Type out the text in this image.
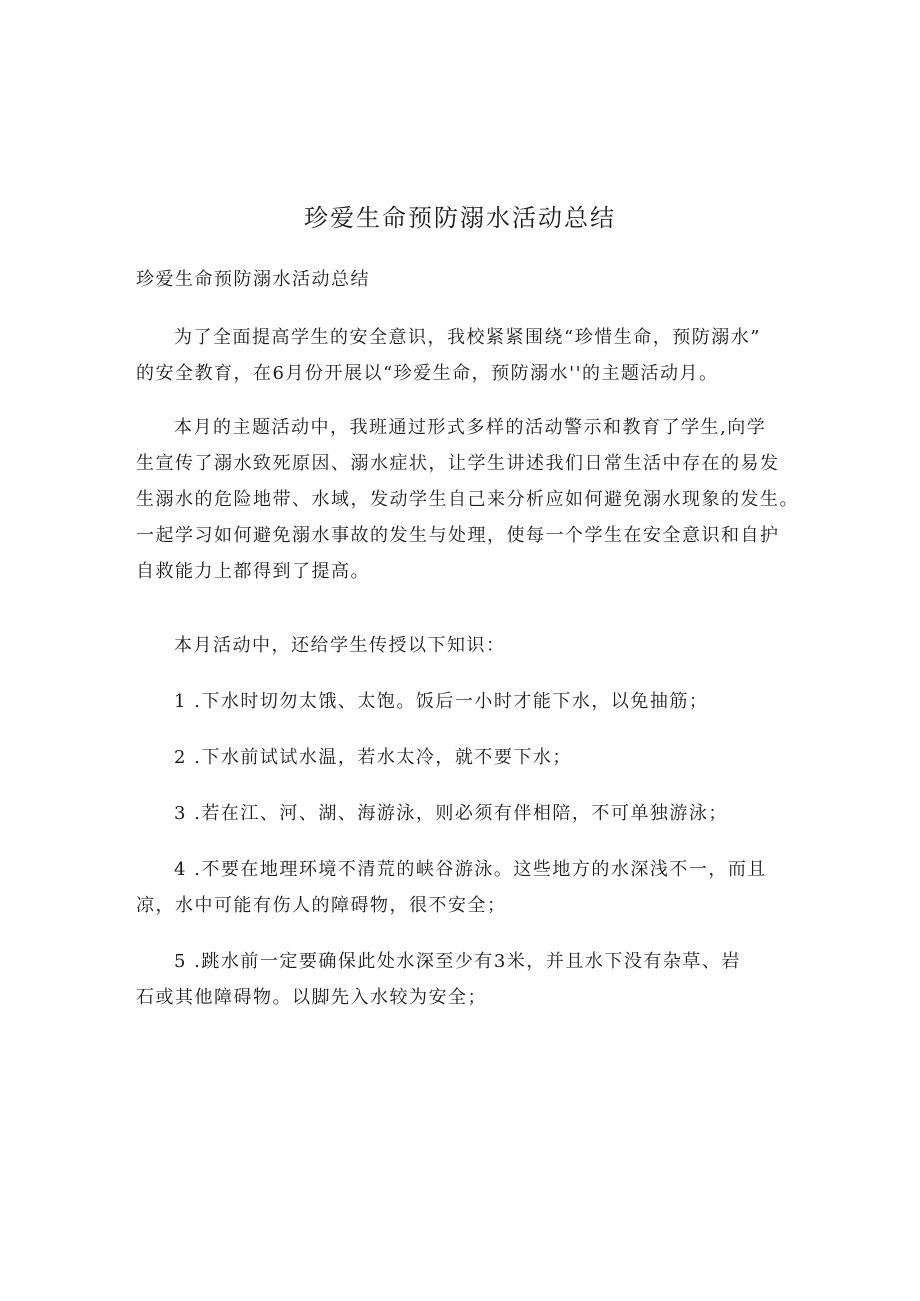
珍爱生命预防溺水活动总结

珍爱生命预防溺水活动总结

为了全面提高学生的安全意识，我校紧紧围绕“珍惜生命，预防溺水”
的安全教育，在6月份开展以“珍爱生命，预防溺水''的主题活动月。

本月的主题活动中，我班通过形式多样的活动警示和教育了学生,向学
生宣传了溺水致死原因、溺水症状，让学生讲述我们日常生活中存在的易发
生溺水的危险地带、水域，发动学生自己来分析应如何避免溺水现象的发生。
一起学习如何避免溺水事故的发生与处理，使每一个学生在安全意识和自护
自救能力上都得到了提高。

本月活动中，还给学生传授以下知识：

1 .下水时切勿太饿、太饱。饭后一小时才能下水，以免抽筋；

2 .下水前试试水温，若水太冷，就不要下水；

3 .若在江、河、湖、海游泳，则必须有伴相陪，不可单独游泳；

4 .不要在地理环境不清荒的峡谷游泳。这些地方的水深浅不一，而且
凉，水中可能有伤人的障碍物，很不安全；

5 .跳水前一定要确保此处水深至少有3米，并且水下没有杂草、岩
石或其他障碍物。以脚先入水较为安全；
